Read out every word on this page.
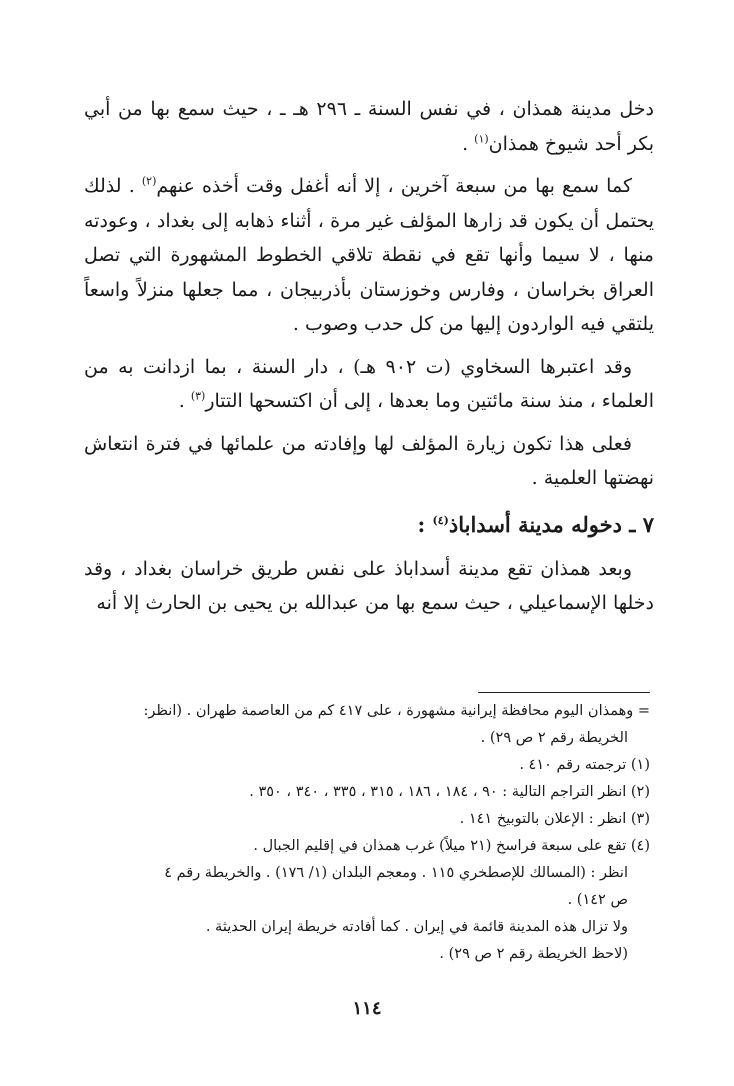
دخل مدينة همذان ، في نفس السنة ـ ٢٩٦ هـ ـ ، حيث سمع بها من أبي بكر أحد شيوخ همذان$^{(١)}$ .

كما سمع بها من سبعة آخرين ، إلا أنه أغفل وقت أخذه عنهم$^{(٢)}$ . لذلك يحتمل أن يكون قد زارها المؤلف غير مرة ، أثناء ذهابه إلى بغداد ، وعودته منها ، لا سيما وأنها تقع في نقطة تلاقي الخطوط المشهورة التي تصل العراق بخراسان ، وفارس وخوزستان بأذربيجان ، مما جعلها منزلاً واسعاً يلتقي فيه الواردون إليها من كل حدب وصوب .

وقد اعتبرها السخاوي (ت ٩٠٢ هـ) ، دار السنة ، بما ازدانت به من العلماء ، منذ سنة مائتين وما بعدها ، إلى أن اكتسحها التتار$^{(٣)}$ .

فعلى هذا تكون زيارة المؤلف لها وإفادته من علمائها في فترة انتعاش نهضتها العلمية .

٧ ـ دخوله مدينة أسداباذ$^{(٤)}$ :

وبعد همذان تقع مدينة أسداباذ على نفس طريق خراسان بغداد ، وقد دخلها الإسماعيلي ، حيث سمع بها من عبدالله بن يحيى بن الحارث إلا أنه

= وهمذان اليوم محافظة إيرانية مشهورة ، على ٤١٧ كم من العاصمة طهران . (انظر:

الخريطة رقم ٢ ص ٢٩) .

(١) ترجمته رقم ٤١٠ .

(٢) انظر التراجم التالية : ٩٠ ، ١٨٤ ، ١٨٦ ، ٣١٥ ، ٣٣٥ ، ٣٤٠ ، ٣٥٠ .

(٣) انظر : الإعلان بالتوبيخ ١٤١ .

(٤) تقع على سبعة فراسخ (٢١ ميلاً) غرب همذان في إقليم الجبال .

انظر : (المسالك للإصطخري ١١٥ . ومعجم البلدان (١/ ١٧٦) . والخريطة رقم ٤

ص ١٤٢) .

ولا تزال هذه المدينة قائمة في إيران . كما أفادته خريطة إيران الحديثة .

(لاحظ الخريطة رقم ٢ ص ٢٩) .

١١٤
